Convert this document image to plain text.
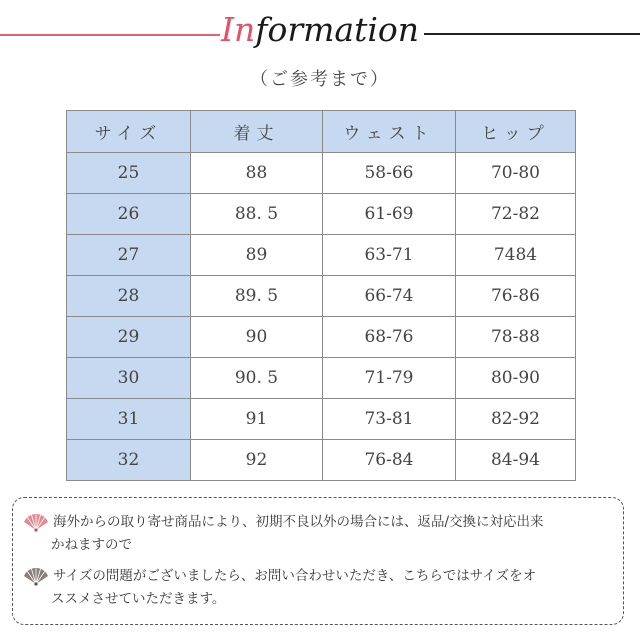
Information
（ご参考まで）
サイズ	着丈	ウェスト	ヒップ
25	88	58-66	70-80
26	88. 5	61-69	72-82
27	89	63-71	7484
28	89. 5	66-74	76-86
29	90	68-76	78-88
30	90. 5	71-79	80-90
31	91	73-81	82-92
32	92	76-84	84-94
海外からの取り寄せ商品により、初期不良以外の場合には、返品/交換に対応出来
かねますので
サイズの問題がございましたら、お問い合わせいただき、こちらではサイズをオ
ススメさせていただきます。
